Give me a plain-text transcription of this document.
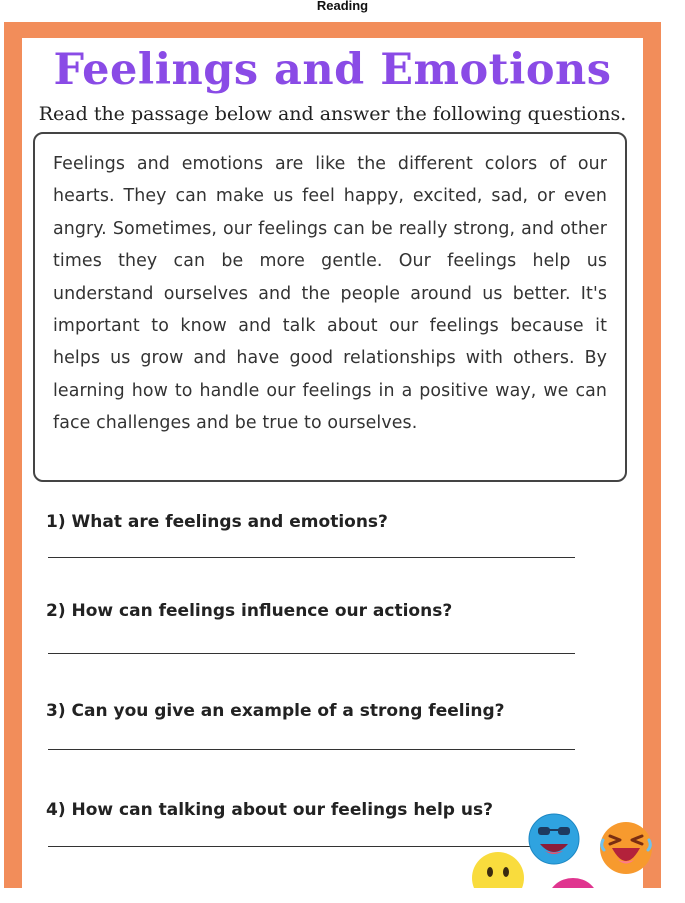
Reading
Feelings and Emotions
Read the passage below and answer the following questions.

Feelings and emotions are like the different colors of our hearts. They can make us feel happy, excited, sad, or even angry. Sometimes, our feelings can be really strong, and other times they can be more gentle. Our feelings help us understand ourselves and the people around us better. It's important to know and talk about our feelings because it helps us grow and have good relationships with others. By learning how to handle our feelings in a positive way, we can face challenges and be true to ourselves.

1) What are feelings and emotions?

2) How can feelings influence our actions?

3) Can you give an example of a strong feeling?

4) How can talking about our feelings help us?
